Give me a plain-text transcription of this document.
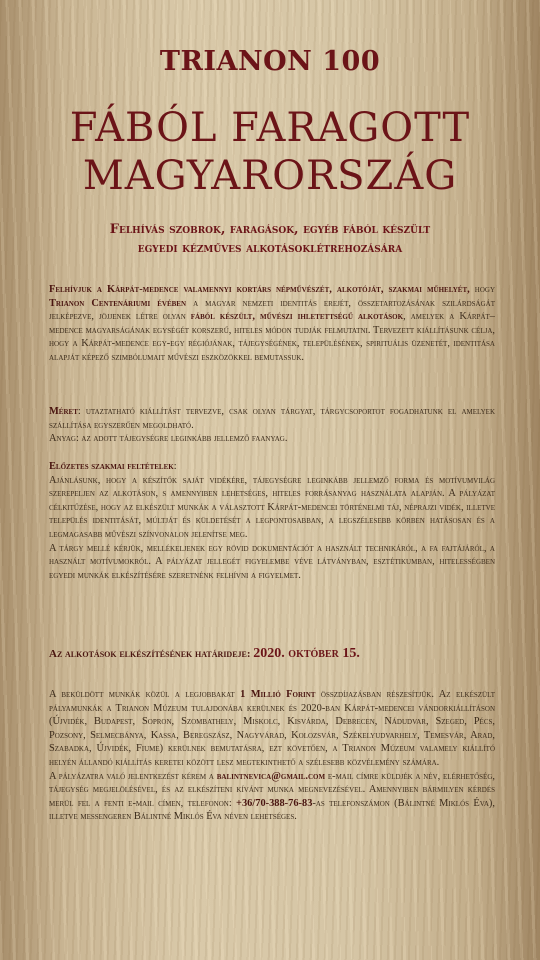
TRIANON 100
FÁBÓL FARAGOTT
MAGYARORSZÁG
Felhívás szobrok, faragások, egyéb fából készült
egyedi kézműves alkotásoklétrehozására

Felhívjuk a Kárpát-medence valamennyi kortárs népművészét, alkotóját, szakmai műhelyét, hogy Trianon Centenáriumi évében a magyar nemzeti identitás erejét, összetartozásának szilárdságát jelképezve, jöjjenek létre olyan fából készült, művészi ihletettségű alkotások, amelyek a Kárpát–medence magyarságának egységét korszerű, hiteles módon tudják felmutatni. Tervezett kiállításunk célja, hogy a Kárpát-medence egy-egy régiójának, tájegységének, településének, spirituális üzenetét, identitása alapját képező szimbólumait művészi eszközökkel bemutassuk.

Méret: utaztatható kiállítást tervezve, csak olyan tárgyat, tárgycsoportot fogadhatunk el amelyek szállítása egyszerűen megoldható.

Anyag: az adott tájegységre leginkább jellemző faanyag.

Előzetes szakmai feltételek:

Ajánlásunk, hogy a készítők saját vidékére, tájegységre leginkább jellemző forma és motívumvilág szerepeljen az alkotáson, s amennyiben lehetséges, hiteles forrásanyag használata alapján. A pályázat célkitűzése, hogy az elkészült munkák a választott Kárpát-medencei történelmi táj, néprajzi vidék, illetve település identitását, múltját és küldetését a legpontosabban, a legszélesebb körben hatásosan és a legmagasabb művészi színvonalon jelenítse meg.

A tárgy mellé kérjük, mellékeljenek egy rövid dokumentációt a használt technikáról, a fa fajtájáról, a használt motívumokról. A pályázat jellegét figyelembe véve látványban, esztétikumban, hitelességben egyedi munkák elkészítésére szeretnénk felhívni a figyelmet.

Az alkotások elkészítésének határideje: 2020. október 15.

A beküldött munkák közül a legjobbakat 1 Millió Forint összdíjazásban részesítjük. Az elkészült pályamunkák a Trianon Múzeum tulajdonába kerülnek és 2020-ban Kárpát-medencei vándorkiállításon (Újvidék, Budapest, Sopron, Szombathely, Miskolc, Kisvárda, Debrecen, Nádudvar, Szeged, Pécs, Pozsony, Selmecbánya, Kassa, Beregszász, Nagyvárad, Kolozsvár, Székelyudvarhely, Temesvár, Arad, Szabadka, Újvidék, Fiume) kerülnek bemutatásra, ezt követően, a Trianon Múzeum valamely kiállító helyén állandó kiállítás keretei között lesz megtekinthető a szélesebb közvélemény számára.

A pályázatra való jelentkezést kérem a balintnevica@gmail.com e-mail címre küldjék a név, elérhetőség, tájegység megjelölésével, és az elkészíteni kívánt munka megnevezésével. Amennyiben bármilyen kérdés merül fel a fenti e-mail címen, telefonon: +36/70-388-76-83-as telefonszámon (Bálintné Miklós Éva), illetve messengeren Bálintné Miklós Éva néven lehetséges.
